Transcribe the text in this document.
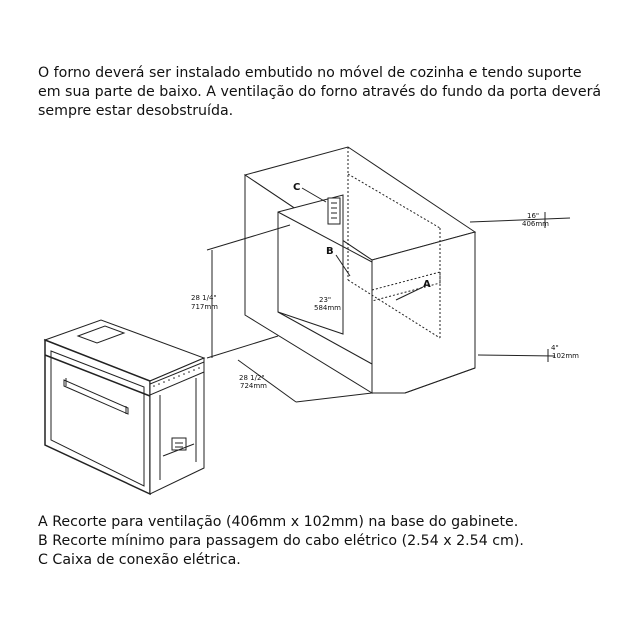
O forno deverá ser instalado embutido no móvel de cozinha e tendo suporte em sua parte de baixo. A ventilação do forno através do fundo da porta deverá sempre estar desobstruída.
C
B
A
28 1/4"
717mm
23"
584mm
28 1/2"
724mm
16"
406mm
4"
102mm
A Recorte para ventilação (406mm x 102mm) na base do gabinete.
B Recorte mínimo para passagem do cabo elétrico (2.54 x 2.54 cm).
C Caixa de conexão elétrica.
